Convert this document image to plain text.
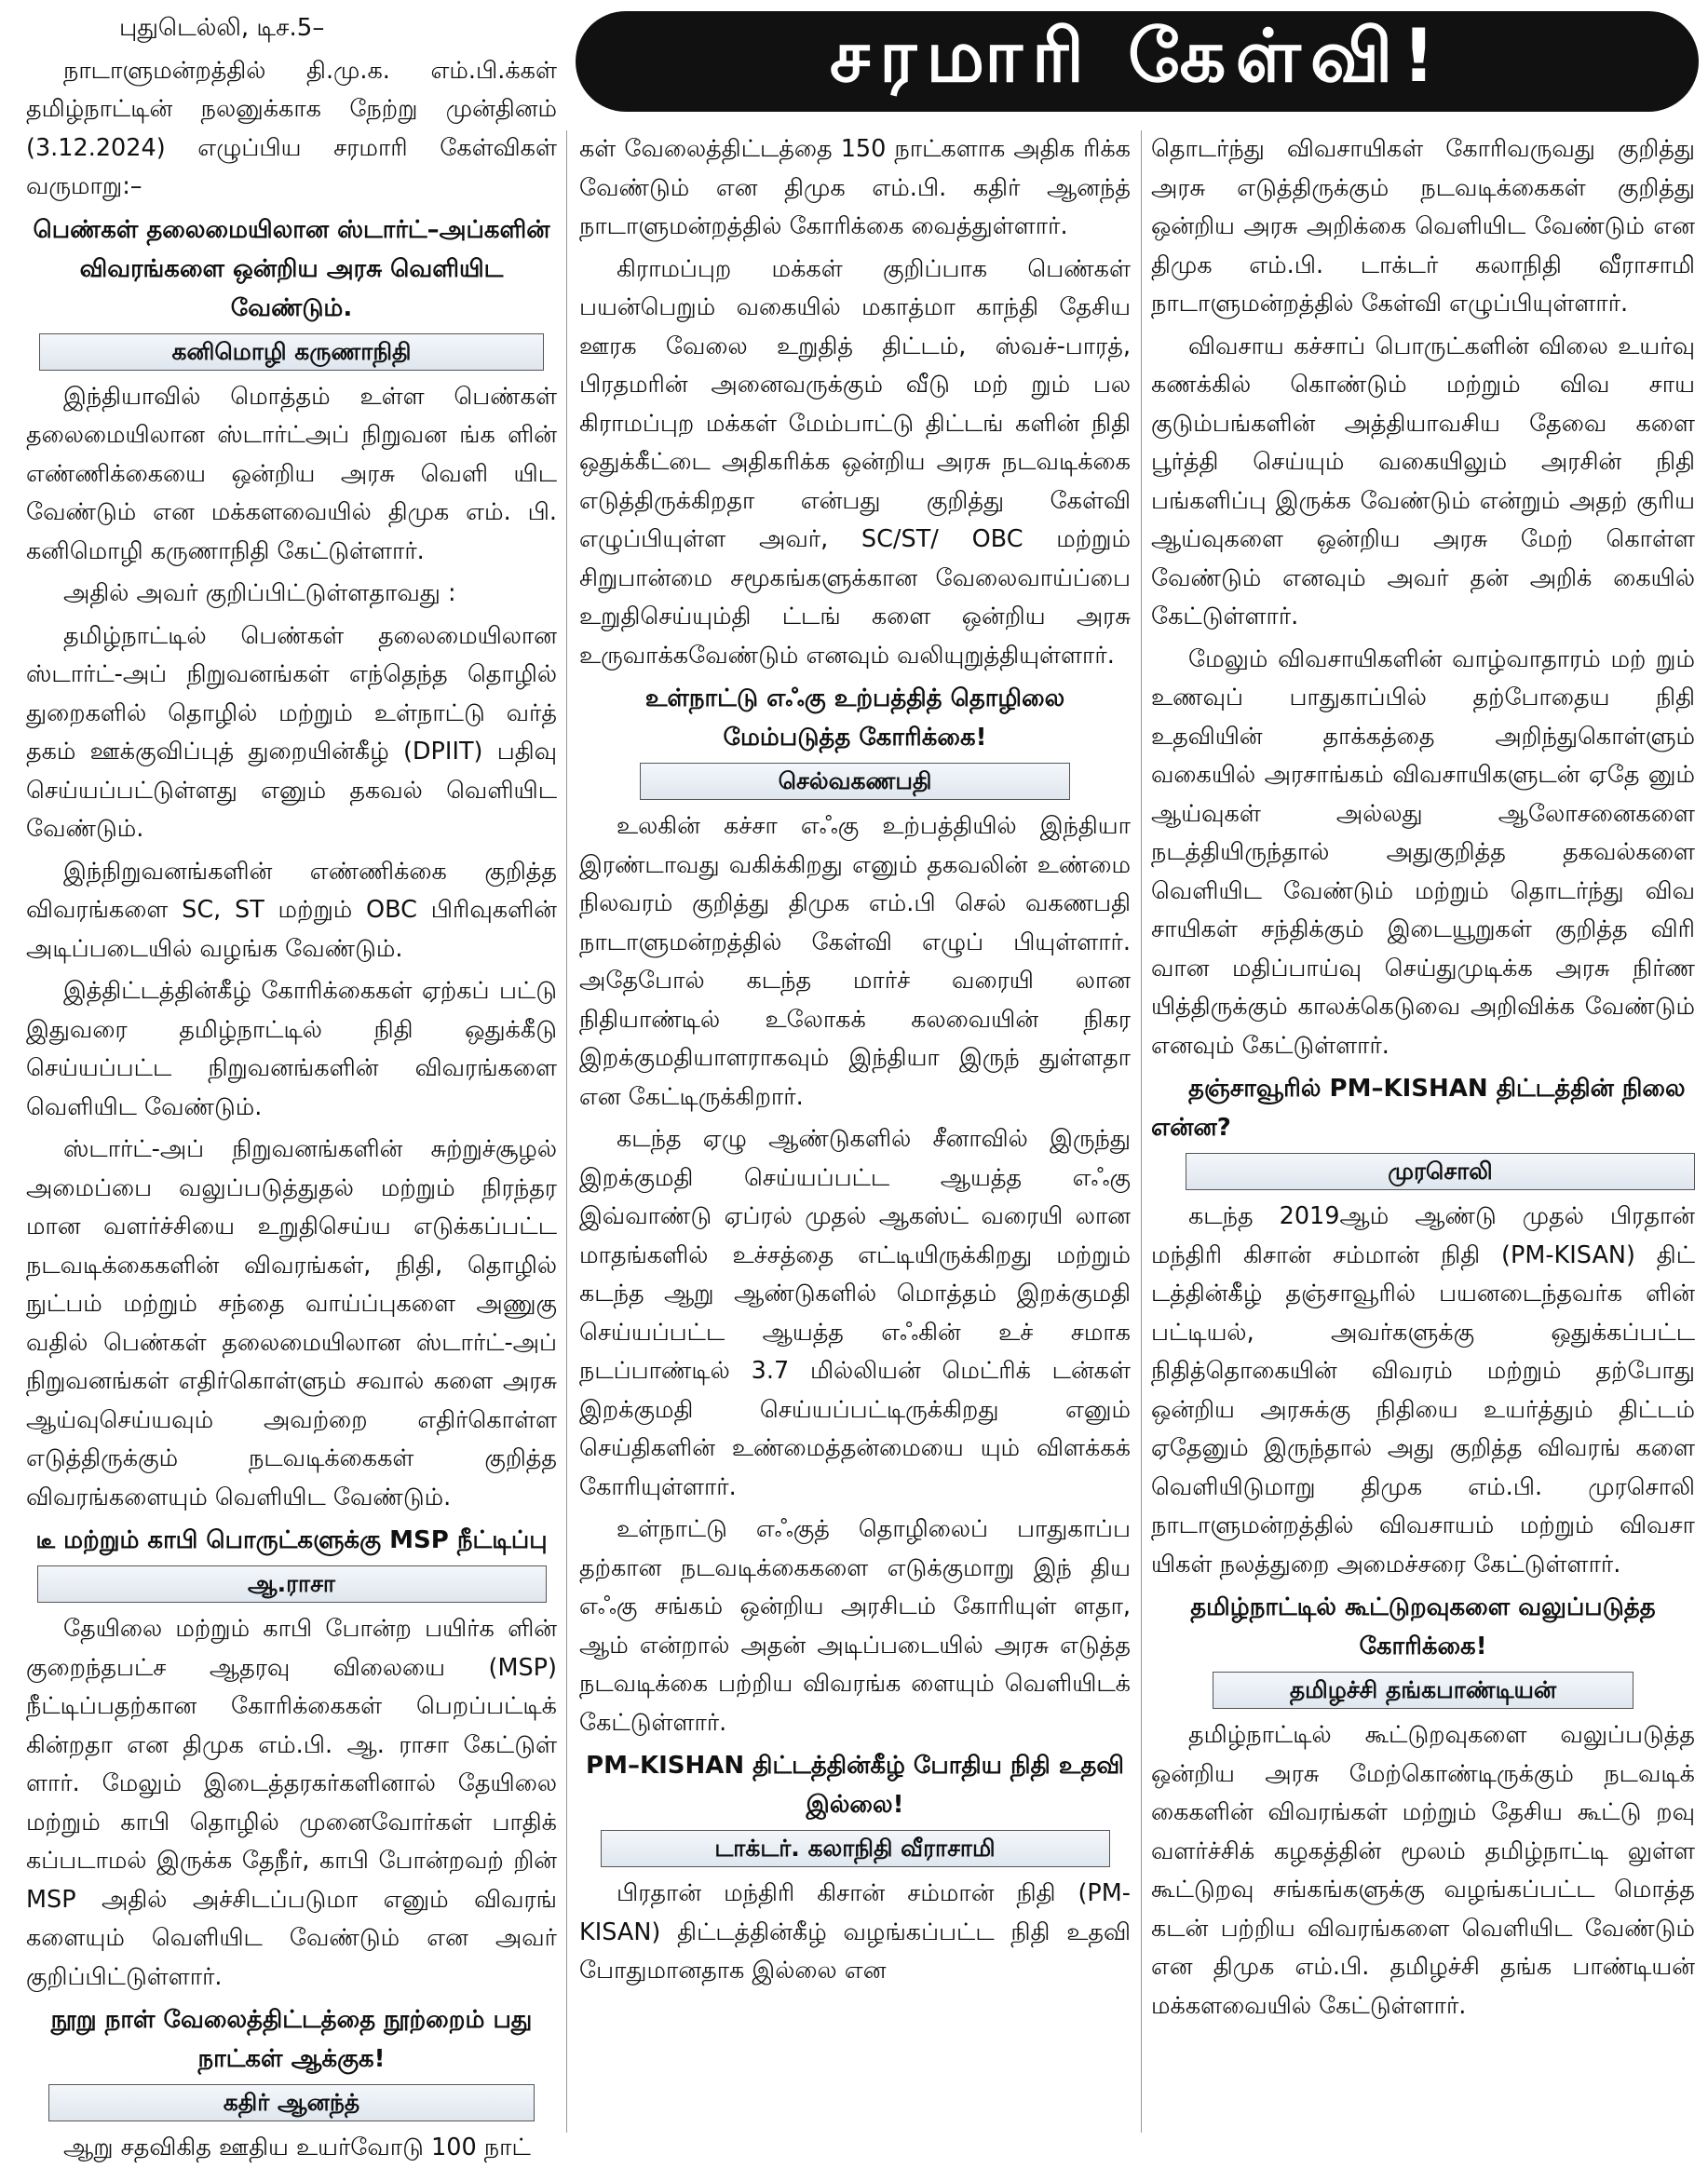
சரமாரி கேள்வி!

புதுடெல்லி, டிச.5–

நாடாளுமன்றத்தில் தி.மு.க. எம்.பி.க்கள் தமிழ்நாட்டின் நலனுக்காக நேற்று முன்தினம் (3.12.2024) எழுப்பிய சரமாரி கேள்விகள் வருமாறு:–

பெண்கள் தலைமையிலான ஸ்டார்ட்–அப்களின் விவரங்களை ஒன்றிய அரசு வெளியிட வேண்டும்.
கனிமொழி கருணாநிதி

இந்தியாவில் மொத்தம் உள்ள பெண்கள் தலைமையிலான ஸ்டார்ட்அப் நிறுவன ங்க ளின் எண்ணிக்கையை ஒன்றிய அரசு வெளி யிட வேண்டும் என மக்களவையில் திமுக எம். பி. கனிமொழி கருணாநிதி கேட்டுள்ளார்.

அதில் அவர் குறிப்பிட்டுள்ளதாவது :

தமிழ்நாட்டில் பெண்கள் தலைமையிலான ஸ்டார்ட்-அப் நிறுவனங்கள் எந்தெந்த தொழில் துறைகளில் தொழில் மற்றும் உள்நாட்டு வர்த் தகம் ஊக்குவிப்புத் துறையின்கீழ் (DPIIT) பதிவு செய்யப்பட்டுள்ளது எனும் தகவல் வெளியிட வேண்டும்.

இந்நிறுவனங்களின் எண்ணிக்கை குறித்த விவரங்களை SC, ST மற்றும் OBC பிரிவுகளின் அடிப்படையில் வழங்க வேண்டும்.

இத்திட்டத்தின்கீழ் கோரிக்கைகள் ஏற்கப் பட்டு இதுவரை தமிழ்நாட்டில் நிதி ஒதுக்கீடு செய்யப்பட்ட நிறுவனங்களின் விவரங்களை வெளியிட வேண்டும்.

ஸ்டார்ட்-அப் நிறுவனங்களின் சுற்றுச்சூழல் அமைப்பை வலுப்படுத்துதல் மற்றும் நிரந்தர மான வளர்ச்சியை உறுதிசெய்ய எடுக்கப்பட்ட நடவடிக்கைகளின் விவரங்கள், நிதி, தொழில் நுட்பம் மற்றும் சந்தை வாய்ப்புகளை அணுகு வதில் பெண்கள் தலைமையிலான ஸ்டார்ட்-அப் நிறுவனங்கள் எதிர்கொள்ளும் சவால் களை அரசு ஆய்வுசெய்யவும் அவற்றை எதிர்கொள்ள எடுத்திருக்கும் நடவடிக்கைகள் குறித்த விவரங்களையும் வெளியிட வேண்டும்.

டீ மற்றும் காபி பொருட்களுக்கு MSP நீட்டிப்பு
ஆ.ராசா

தேயிலை மற்றும் காபி போன்ற பயிர்க ளின் குறைந்தபட்ச ஆதரவு விலையை (MSP) நீட்டிப்பதற்கான கோரிக்கைகள் பெறப்பட்டிக் கின்றதா என திமுக எம்.பி. ஆ. ராசா கேட்டுள் ளார். மேலும் இடைத்தரகர்களினால் தேயிலை மற்றும் காபி தொழில் முனைவோர்கள் பாதிக் கப்படாமல் இருக்க தேநீர், காபி போன்றவற் றின் MSP அதில் அச்சிடப்படுமா எனும் விவரங் களையும் வெளியிட வேண்டும் என அவர் குறிப்பிட்டுள்ளார்.

நூறு நாள் வேலைத்திட்டத்தை நூற்றைம் பது நாட்கள் ஆக்குக!
கதிர் ஆனந்த்

ஆறு சதவிகித ஊதிய உயர்வோடு 100 நாட்

கள் வேலைத்திட்டத்தை 150 நாட்களாக அதிக ரிக்க வேண்டும் என திமுக எம்.பி. கதிர் ஆனந்த் நாடாளுமன்றத்தில் கோரிக்கை வைத்துள்ளார்.

கிராமப்புற மக்கள் குறிப்பாக பெண்கள் பயன்பெறும் வகையில் மகாத்மா காந்தி தேசிய ஊரக வேலை உறுதித் திட்டம், ஸ்வச்-பாரத், பிரதமரின் அனைவருக்கும் வீடு மற் றும் பல கிராமப்புற மக்கள் மேம்பாட்டு திட்டங் களின் நிதி ஒதுக்கீட்டை அதிகரிக்க ஒன்றிய அரசு நடவடிக்கை எடுத்திருக்கிறதா என்பது குறித்து கேள்வி எழுப்பியுள்ள அவர், SC/ST/ OBC மற்றும் சிறுபான்மை சமூகங்களுக்கான வேலைவாய்ப்பை உறுதிசெய்யும்தி ட்டங் களை ஒன்றிய அரசு உருவாக்கவேண்டும் எனவும் வலியுறுத்தியுள்ளார்.

உள்நாட்டு எஃகு உற்பத்தித் தொழிலை மேம்படுத்த கோரிக்கை!
செல்வகணபதி

உலகின் கச்சா எஃகு உற்பத்தியில் இந்தியா இரண்டாவது வகிக்கிறது எனும் தகவலின் உண்மை நிலவரம் குறித்து திமுக எம்.பி செல் வகணபதி நாடாளுமன்றத்தில் கேள்வி எழுப் பியுள்ளார். அதேபோல் கடந்த மார்ச் வரையி லான நிதியாண்டில் உலோகக் கலவையின் நிகர இறக்குமதியாளராகவும் இந்தியா இருந் துள்ளதா என கேட்டிருக்கிறார்.

கடந்த ஏழு ஆண்டுகளில் சீனாவில் இருந்து இறக்குமதி செய்யப்பட்ட ஆயத்த எஃகு இவ்வாண்டு ஏப்ரல் முதல் ஆகஸ்ட் வரையி லான மாதங்களில் உச்சத்தை எட்டியிருக்கிறது மற்றும் கடந்த ஆறு ஆண்டுகளில் மொத்தம் இறக்குமதி செய்யப்பட்ட ஆயத்த எஃகின் உச் சமாக நடப்பாண்டில் 3.7 மில்லியன் மெட்ரிக் டன்கள் இறக்குமதி செய்யப்பட்டிருக்கிறது எனும் செய்திகளின் உண்மைத்தன்மையை யும் விளக்கக் கோரியுள்ளார்.

உள்நாட்டு எஃகுத் தொழிலைப் பாதுகாப்ப தற்கான நடவடிக்கைகளை எடுக்குமாறு இந் திய எஃகு சங்கம் ஒன்றிய அரசிடம் கோரியுள் ளதா, ஆம் என்றால் அதன் அடிப்படையில் அரசு எடுத்த நடவடிக்கை பற்றிய விவரங்க ளையும் வெளியிடக் கேட்டுள்ளார்.

PM–KISHAN திட்டத்தின்கீழ் போதிய நிதி உதவி இல்லை!
டாக்டர். கலாநிதி வீராசாமி

பிரதான் மந்திரி கிசான் சம்மான் நிதி (PM-KISAN) திட்டத்தின்கீழ் வழங்கப்பட்ட நிதி உதவி போதுமானதாக இல்லை என

தொடர்ந்து விவசாயிகள் கோரிவருவது குறித்து அரசு எடுத்திருக்கும் நடவடிக்கைகள் குறித்து ஒன்றிய அரசு அறிக்கை வெளியிட வேண்டும் என திமுக எம்.பி. டாக்டர் கலாநிதி வீராசாமி நாடாளுமன்றத்தில் கேள்வி எழுப்பியுள்ளார்.

விவசாய கச்சாப் பொருட்களின் விலை உயர்வு கணக்கில் கொண்டும் மற்றும் விவ சாய குடும்பங்களின் அத்தியாவசிய தேவை களை பூர்த்தி செய்யும் வகையிலும் அரசின் நிதி பங்களிப்பு இருக்க வேண்டும் என்றும் அதற் குரிய ஆய்வுகளை ஒன்றிய அரசு மேற் கொள்ள வேண்டும் எனவும் அவர் தன் அறிக் கையில் கேட்டுள்ளார்.

மேலும் விவசாயிகளின் வாழ்வாதாரம் மற் றும் உணவுப் பாதுகாப்பில் தற்போதைய நிதி உதவியின் தாக்கத்தை அறிந்துகொள்ளும் வகையில் அரசாங்கம் விவசாயிகளுடன் ஏதே னும் ஆய்வுகள் அல்லது ஆலோசனைகளை நடத்தியிருந்தால் அதுகுறித்த தகவல்களை வெளியிட வேண்டும் மற்றும் தொடர்ந்து விவ சாயிகள் சந்திக்கும் இடையூறுகள் குறித்த விரி வான மதிப்பாய்வு செய்துமுடிக்க அரசு நிர்ண யித்திருக்கும் காலக்கெடுவை அறிவிக்க வேண்டும் எனவும் கேட்டுள்ளார்.

தஞ்சாவூரில் PM–KISHAN திட்டத்தின் நிலை என்ன?
முரசொலி

கடந்த 2019ஆம் ஆண்டு முதல் பிரதான் மந்திரி கிசான் சம்மான் நிதி (PM-KISAN) திட் டத்தின்கீழ் தஞ்சாவூரில் பயனடைந்தவர்க ளின் பட்டியல், அவர்களுக்கு ஒதுக்கப்பட்ட நிதித்தொகையின் விவரம் மற்றும் தற்போது ஒன்றிய அரசுக்கு நிதியை உயர்த்தும் திட்டம் ஏதேனும் இருந்தால் அது குறித்த விவரங் களை வெளியிடுமாறு திமுக எம்.பி. முரசொலி நாடாளுமன்றத்தில் விவசாயம் மற்றும் விவசா யிகள் நலத்துறை அமைச்சரை கேட்டுள்ளார்.

தமிழ்நாட்டில் கூட்டுறவுகளை வலுப்படுத்த கோரிக்கை!
தமிழச்சி தங்கபாண்டியன்

தமிழ்நாட்டில் கூட்டுறவுகளை வலுப்படுத்த ஒன்றிய அரசு மேற்கொண்டிருக்கும் நடவடிக் கைகளின் விவரங்கள் மற்றும் தேசிய கூட்டு றவு வளர்ச்சிக் கழகத்தின் மூலம் தமிழ்நாட்டி லுள்ள கூட்டுறவு சங்கங்களுக்கு வழங்கப்பட்ட மொத்த கடன் பற்றிய விவரங்களை வெளியிட வேண்டும் என திமுக எம்.பி. தமிழச்சி தங்க பாண்டியன் மக்களவையில் கேட்டுள்ளார்.
